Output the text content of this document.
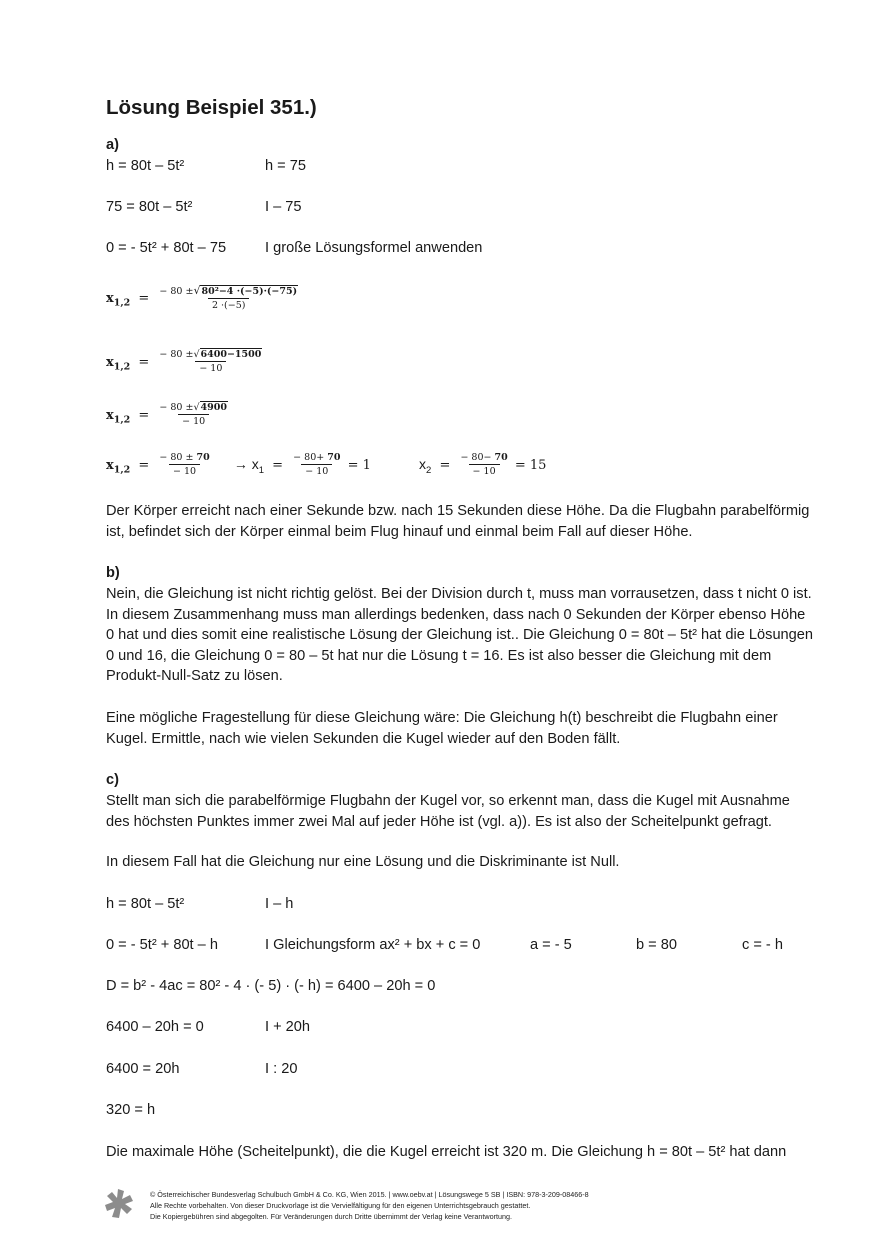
Lösung Beispiel 351.)
a)
h = 80t – 5t²	h = 75
75 = 80t – 5t²	I – 75
0 = - 5t² + 80t – 75	I große Lösungsformel anwenden
$x_{1,2} = \frac{\text{− 80 ±√80²−4 ·(−5)·(−75)}}{2 \cdot(-5)}$
$x_{1,2} = \frac{- 80 \pm√6400-1500}{- 10}$
$x_{1,2} = \frac{- 80 \pm√4900}{- 10}$
$x_{1,2} = \frac{- 80 \pm 70}{- 10} \to x_1 = \frac{- 80+ 70}{- 10} = 1$	$x_2 = \frac{- 80- 70}{- 10} = 15$
Der Körper erreicht nach einer Sekunde bzw. nach 15 Sekunden diese Höhe. Da die Flugbahn parabelförmig ist, befindet sich der Körper einmal beim Flug hinauf und einmal beim Fall auf dieser Höhe.
b)
Nein, die Gleichung ist nicht richtig gelöst. Bei der Division durch t, muss man vorrausetzen, dass t nicht 0 ist. In diesem Zusammenhang muss man allerdings bedenken, dass nach 0 Sekunden der Körper ebenso Höhe 0 hat und dies somit eine realistische Lösung der Gleichung ist.. Die Gleichung 0 = 80t – 5t² hat die Lösungen 0 und 16, die Gleichung 0 = 80 – 5t hat nur die Lösung t = 16. Es ist also besser die Gleichung mit dem Produkt-Null-Satz zu lösen.
Eine mögliche Fragestellung für diese Gleichung wäre: Die Gleichung h(t) beschreibt die Flugbahn einer Kugel. Ermittle, nach wie vielen Sekunden die Kugel wieder auf den Boden fällt.
c)
Stellt man sich die parabelförmige Flugbahn der Kugel vor, so erkennt man, dass die Kugel mit Ausnahme des höchsten Punktes immer zwei Mal auf jeder Höhe ist (vgl. a)). Es ist also der Scheitelpunkt gefragt.
In diesem Fall hat die Gleichung nur eine Lösung und die Diskriminante ist Null.
h = 80t – 5t²	I – h
0 = - 5t² + 80t – h	I Gleichungsform ax² + bx + c = 0	a = - 5	b = 80	c = - h
D = b² - 4ac = 80² - 4 · (- 5) · (- h) = 6400 – 20h = 0
6400 – 20h = 0	I + 20h
6400 = 20h	I : 20
320 = h
Die maximale Höhe (Scheitelpunkt), die die Kugel erreicht ist 320 m. Die Gleichung h = 80t – 5t² hat dann
© Österreichischer Bundesverlag Schulbuch GmbH & Co. KG, Wien 2015. | www.oebv.at | Lösungswege 5 SB | ISBN: 978-3-209-08466-8
Alle Rechte vorbehalten. Von dieser Druckvorlage ist die Vervielfältigung für den eigenen Unterrichtsgebrauch gestattet.
Die Kopiergebühren sind abgegolten. Für Veränderungen durch Dritte übernimmt der Verlag keine Verantwortung.
